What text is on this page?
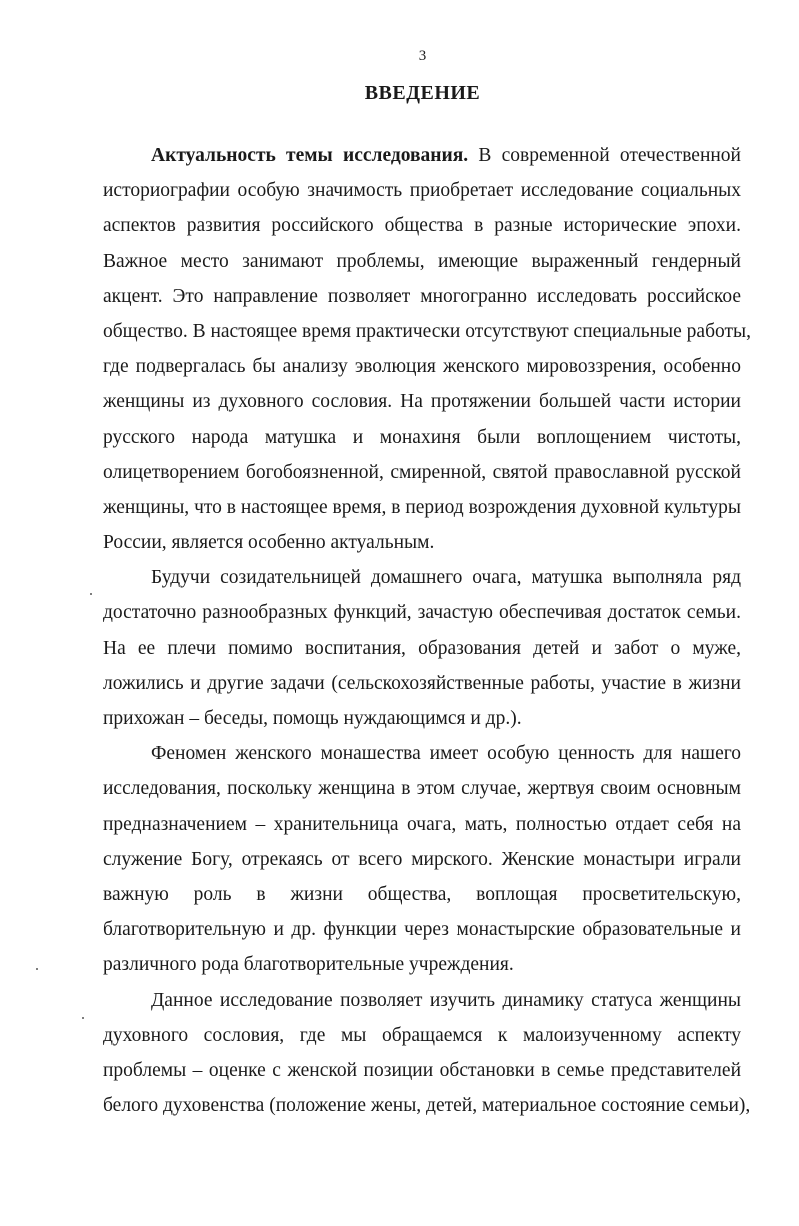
3
ВВЕДЕНИЕ
Актуальность темы исследования. В современной отечественной
историографии особую значимость приобретает исследование социальных
аспектов развития российского общества в разные исторические эпохи.
Важное место занимают проблемы, имеющие выраженный гендерный
акцент. Это направление позволяет многогранно исследовать российское
общество. В настоящее время практически отсутствуют специальные работы,
где подвергалась бы анализу эволюция женского мировоззрения, особенно
женщины из духовного сословия. На протяжении большей части истории
русского народа матушка и монахиня были воплощением чистоты,
олицетворением богобоязненной, смиренной, святой православной русской
женщины, что в настоящее время, в период возрождения духовной культуры
России, является особенно актуальным.
Будучи созидательницей домашнего очага, матушка выполняла ряд
достаточно разнообразных функций, зачастую обеспечивая достаток семьи.
На ее плечи помимо воспитания, образования детей и забот о муже,
ложились и другие задачи (сельскохозяйственные работы, участие в жизни
прихожан – беседы, помощь нуждающимся и др.).
Феномен женского монашества имеет особую ценность для нашего
исследования, поскольку женщина в этом случае, жертвуя своим основным
предназначением – хранительница очага, мать, полностью отдает себя на
служение Богу, отрекаясь от всего мирского. Женские монастыри играли
важную роль в жизни общества, воплощая просветительскую,
благотворительную и др. функции через монастырские образовательные и
различного рода благотворительные учреждения.
Данное исследование позволяет изучить динамику статуса женщины
духовного сословия, где мы обращаемся к малоизученному аспекту
проблемы – оценке с женской позиции обстановки в семье представителей
белого духовенства (положение жены, детей, материальное состояние семьи),
